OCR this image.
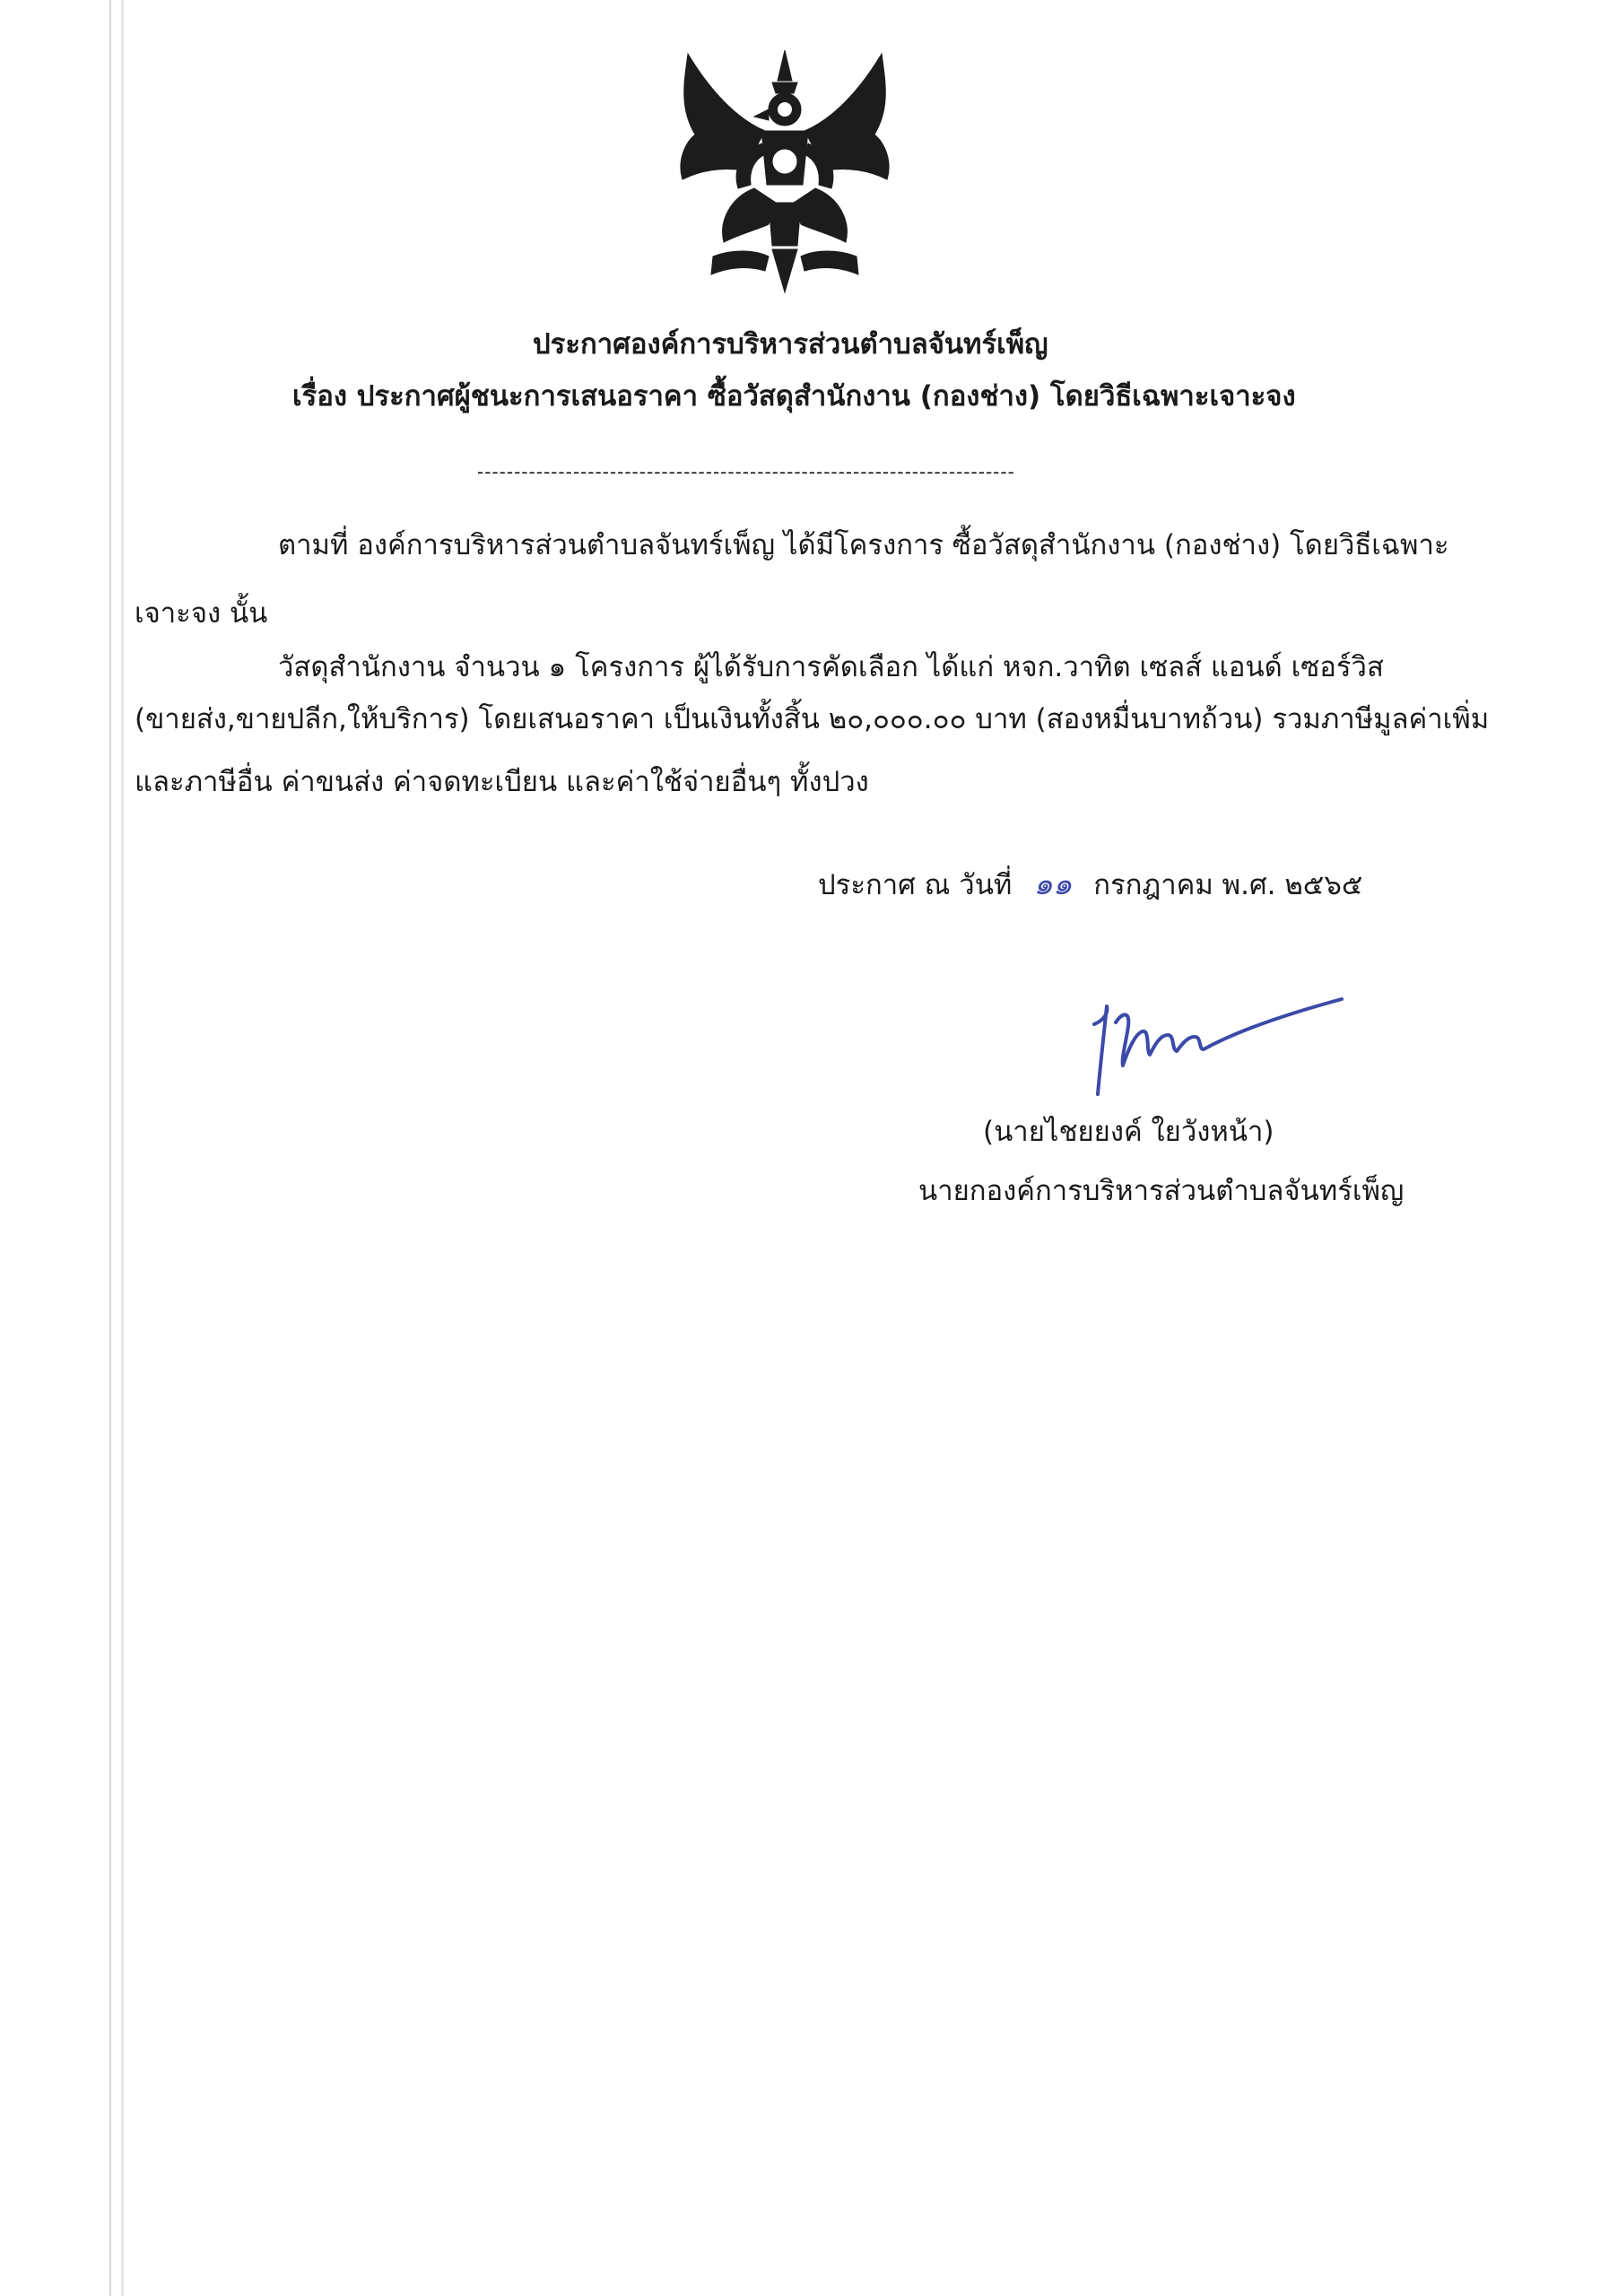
ประกาศองค์การบริหารส่วนตำบลจันทร์เพ็ญ
เรื่อง ประกาศผู้ชนะการเสนอราคา ซื้อวัสดุสำนักงาน (กองช่าง) โดยวิธีเฉพาะเจาะจง
-------------------------------------------------------------------------
ตามที่ องค์การบริหารส่วนตำบลจันทร์เพ็ญ ได้มีโครงการ ซื้อวัสดุสำนักงาน (กองช่าง) โดยวิธีเฉพาะ
เจาะจง นั้น
วัสดุสำนักงาน จำนวน ๑ โครงการ ผู้ได้รับการคัดเลือก ได้แก่ หจก.วาทิต เซลส์ แอนด์ เซอร์วิส
(ขายส่ง,ขายปลีก,ให้บริการ) โดยเสนอราคา เป็นเงินทั้งสิ้น ๒๐,๐๐๐.๐๐ บาท (สองหมื่นบาทถ้วน) รวมภาษีมูลค่าเพิ่ม
และภาษีอื่น ค่าขนส่ง ค่าจดทะเบียน และค่าใช้จ่ายอื่นๆ ทั้งปวง
ประกาศ ณ วันที่ ๑๑ กรกฎาคม พ.ศ. ๒๕๖๕
(นายไชยยงค์ ใยวังหน้า)
นายกองค์การบริหารส่วนตำบลจันทร์เพ็ญ
